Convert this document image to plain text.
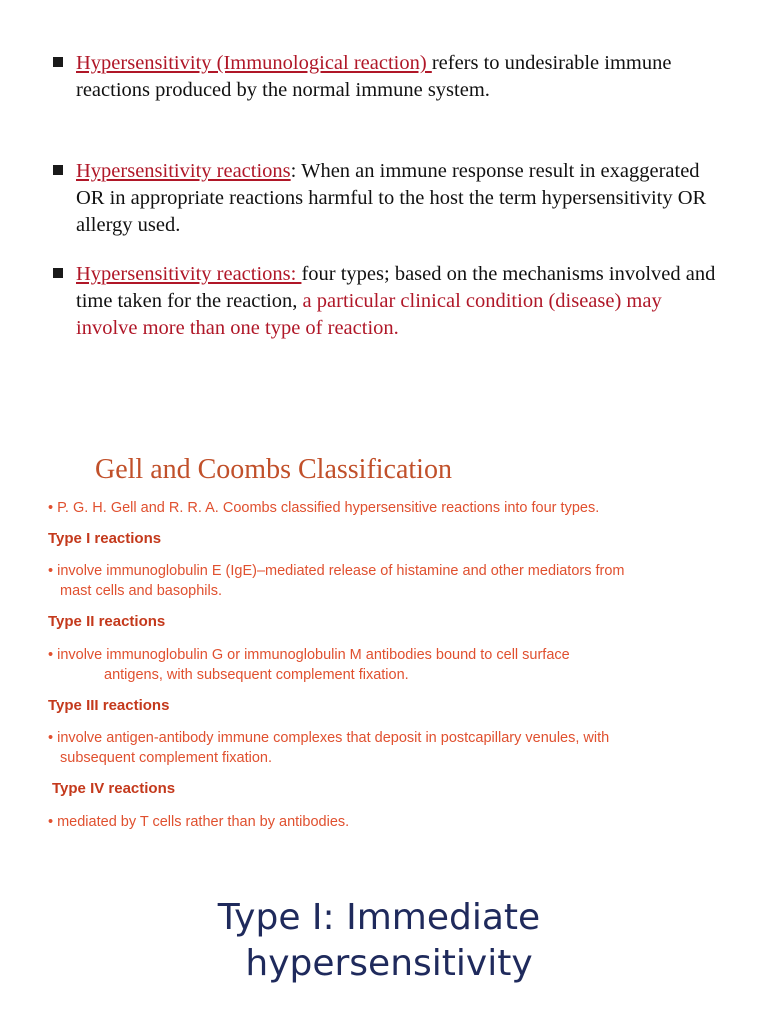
Hypersensitivity (Immunological reaction) refers to undesirable immune reactions produced by the normal immune system.
Hypersensitivity reactions: When an immune response result in exaggerated OR in appropriate reactions harmful to the host the term hypersensitivity OR allergy used.
Hypersensitivity reactions: four types; based on the mechanisms involved and time taken for the reaction, a particular clinical condition (disease) may involve more than one type of reaction.
Gell and Coombs Classification
• P. G. H. Gell and R. R. A. Coombs classified hypersensitive reactions into four types.
Type I reactions
• involve immunoglobulin E (IgE)–mediated release of histamine and other mediators from
mast cells and basophils.
Type II reactions
• involve immunoglobulin G or immunoglobulin M antibodies bound to cell surface
antigens, with subsequent complement fixation.
Type III reactions
• involve antigen-antibody immune complexes that deposit in postcapillary venules, with
subsequent complement fixation.
Type IV reactions
• mediated by T cells rather than by antibodies.
Type I: Immediate
hypersensitivity
